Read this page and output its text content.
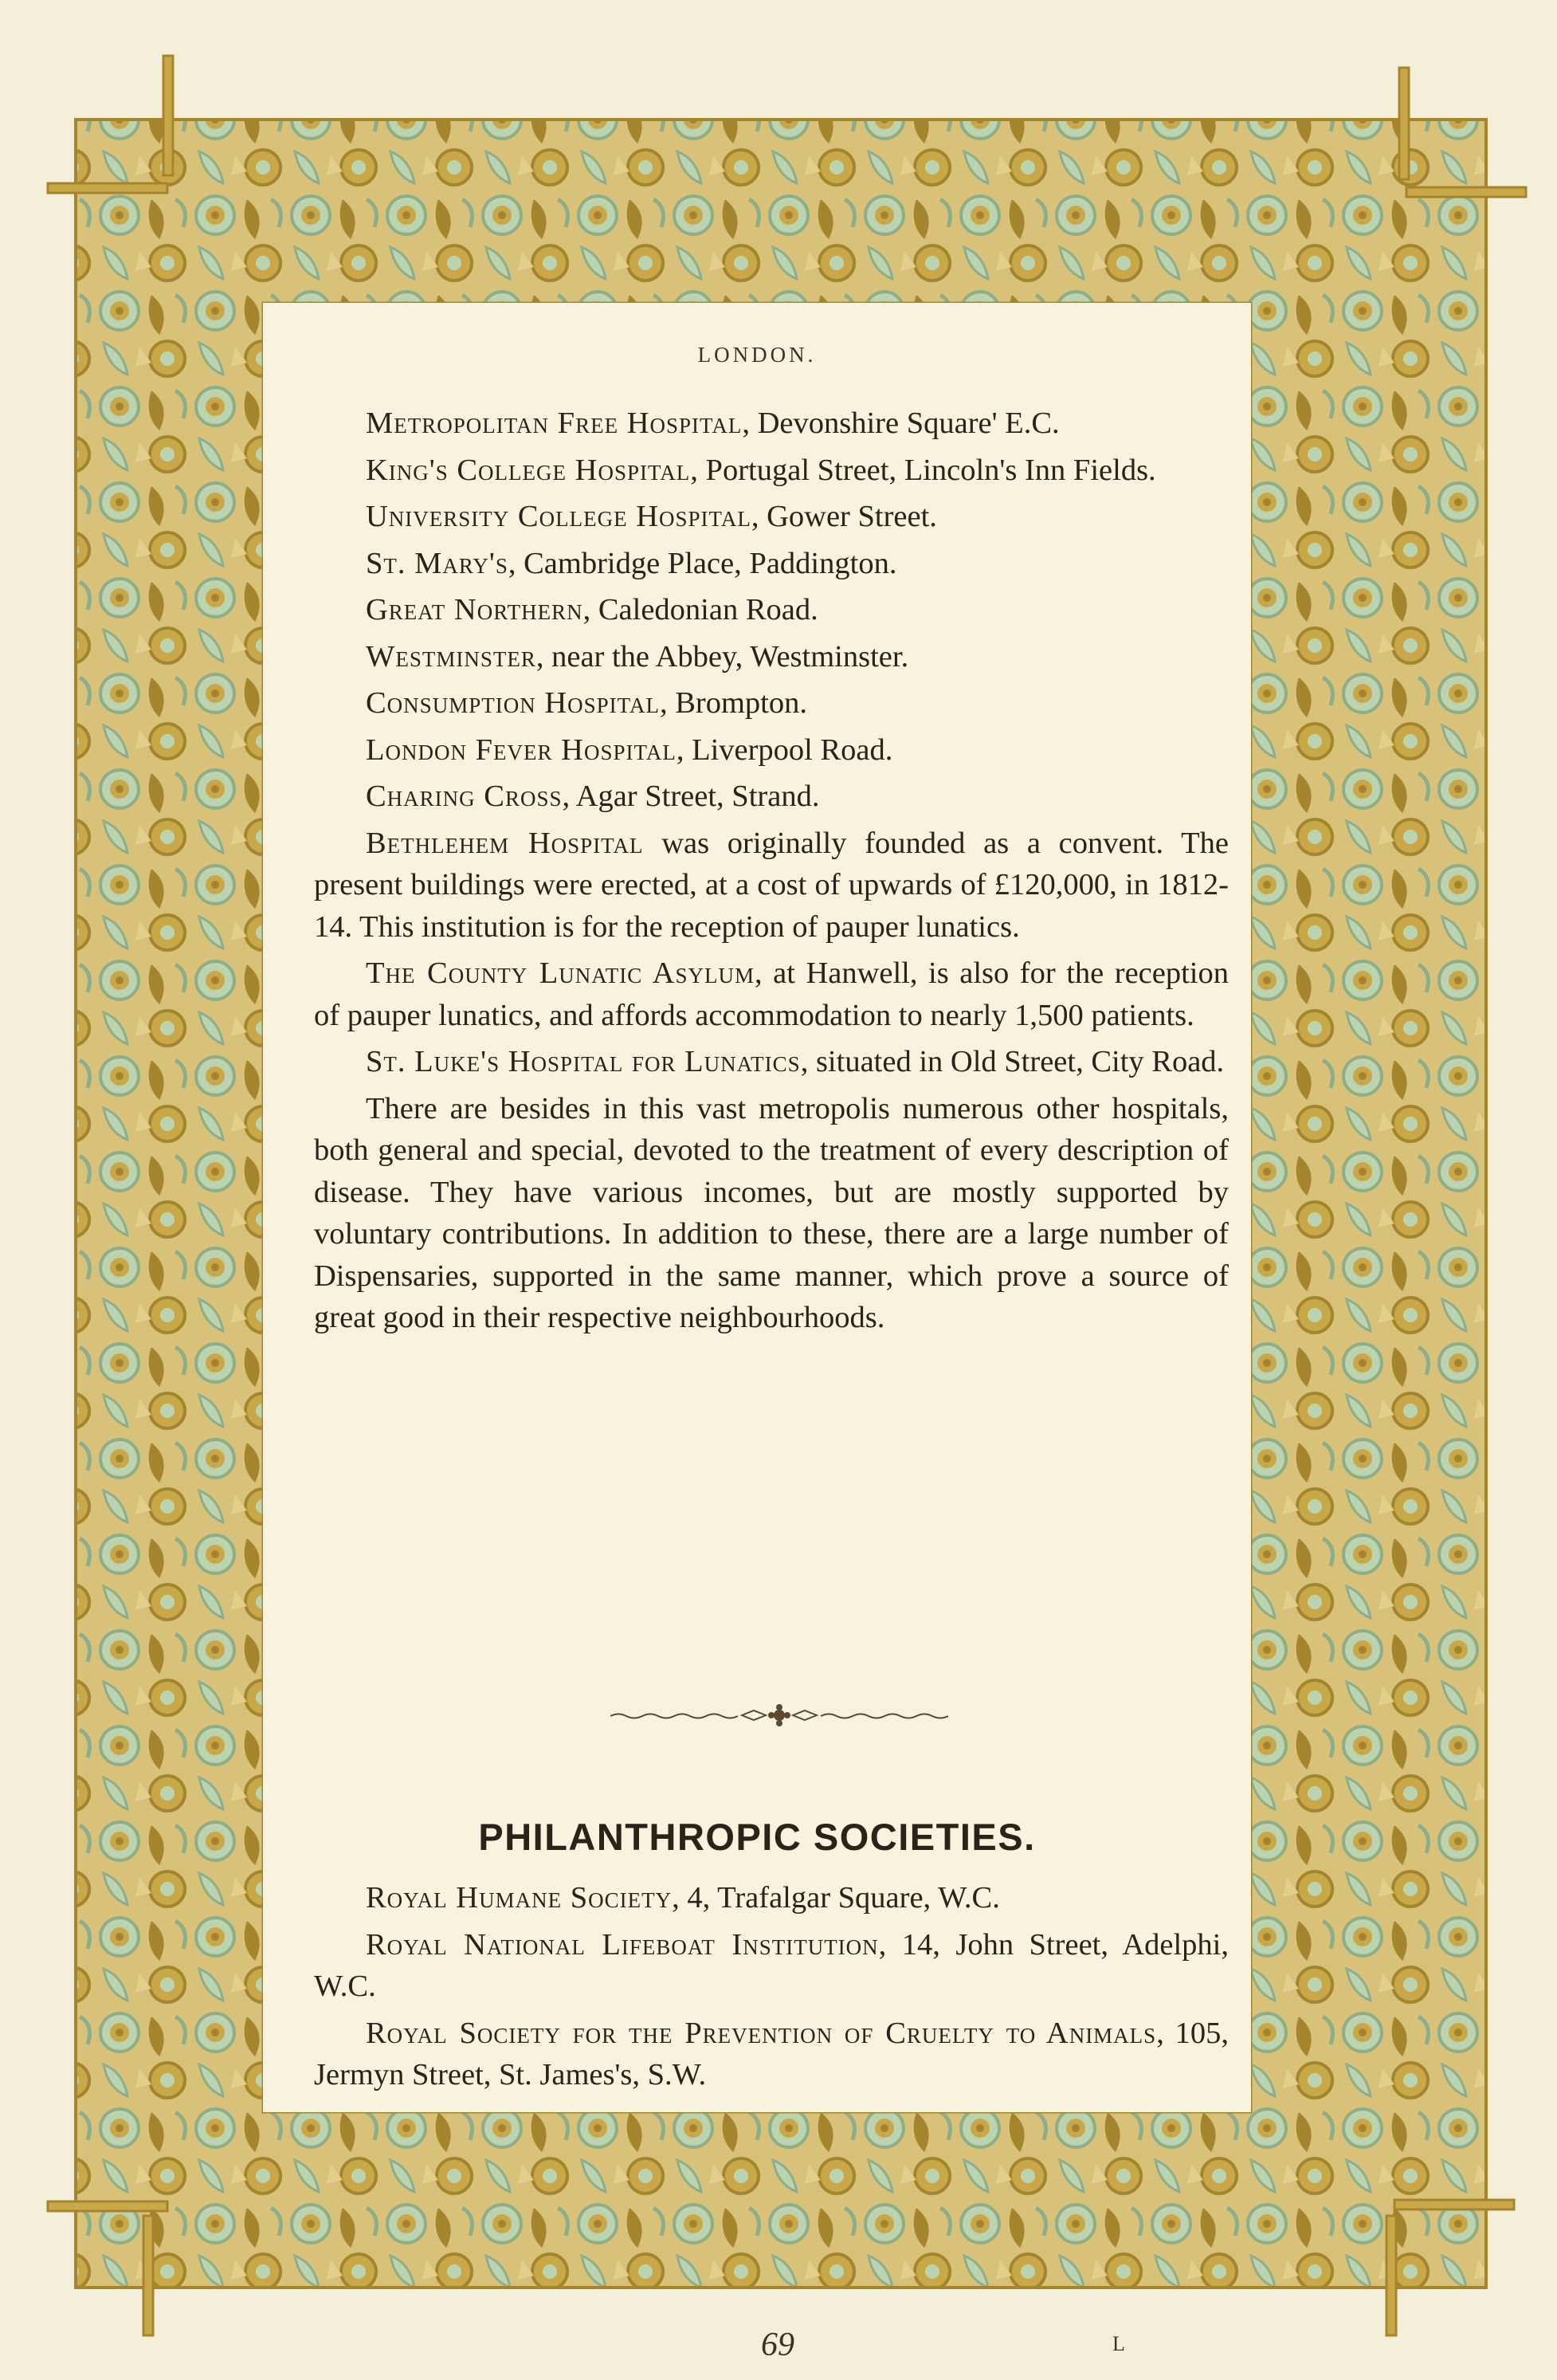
LONDON.

Metropolitan Free Hospital, Devonshire Square' E.C.

King's College Hospital, Portugal Street, Lincoln's Inn Fields.

University College Hospital, Gower Street.

St. Mary's, Cambridge Place, Paddington.

Great Northern, Caledonian Road.

Westminster, near the Abbey, Westminster.

Consumption Hospital, Brompton.

London Fever Hospital, Liverpool Road.

Charing Cross, Agar Street, Strand.

Bethlehem Hospital was originally founded as a convent. The present buildings were erected, at a cost of upwards of £120,000, in 1812-14. This institution is for the reception of pauper lunatics.

The County Lunatic Asylum, at Hanwell, is also for the reception of pauper lunatics, and affords accommodation to nearly 1,500 patients.

St. Luke's Hospital for Lunatics, situated in Old Street, City Road.

There are besides in this vast metropolis numerous other hospitals, both general and special, devoted to the treatment of every description of disease. They have various incomes, but are mostly supported by voluntary contributions. In addition to these, there are a large number of Dispensaries, supported in the same manner, which prove a source of great good in their respective neighbourhoods.

PHILANTHROPIC SOCIETIES.

Royal Humane Society, 4, Trafalgar Square, W.C.

Royal National Lifeboat Institution, 14, John Street, Adelphi, W.C.

Royal Society for the Prevention of Cruelty to Animals, 105, Jermyn Street, St. James's, S.W.

69	L
